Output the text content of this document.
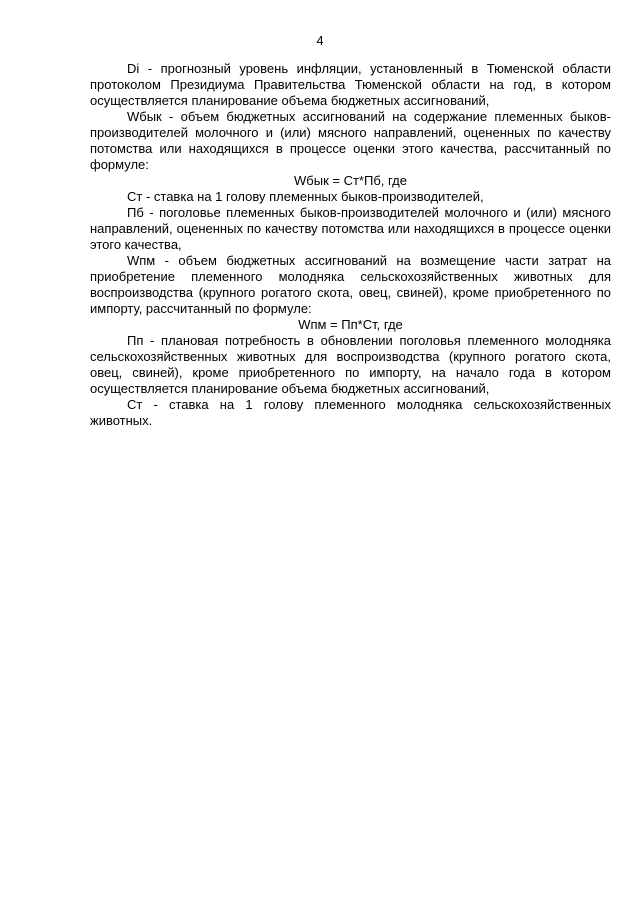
4

Di - прогнозный уровень инфляции, установленный в Тюменской области протоколом Президиума Правительства Тюменской области на год, в котором осуществляется планирование объема бюджетных ассигнований,

Wбык - объем бюджетных ассигнований на содержание племенных быков-производителей молочного и (или) мясного направлений, оцененных по качеству потомства или находящихся в процессе оценки этого качества, рассчитанный по формуле:

Wбык = Ст*Пб, где

Ст - ставка на 1 голову племенных быков-производителей,

Пб - поголовье племенных быков-производителей молочного и (или) мясного направлений, оцененных по качеству потомства или находящихся в процессе оценки этого качества,

Wпм - объем бюджетных ассигнований на возмещение части затрат на приобретение племенного молодняка сельскохозяйственных животных для воспроизводства (крупного рогатого скота, овец, свиней), кроме приобретенного по импорту, рассчитанный по формуле:

Wпм = Пп*Ст, где

Пп - плановая потребность в обновлении поголовья племенного молодняка сельскохозяйственных животных для воспроизводства (крупного рогатого скота, овец, свиней), кроме приобретенного по импорту, на начало года в котором осуществляется планирование объема бюджетных ассигнований,

Ст - ставка на 1 голову племенного молодняка сельскохозяйственных животных.
